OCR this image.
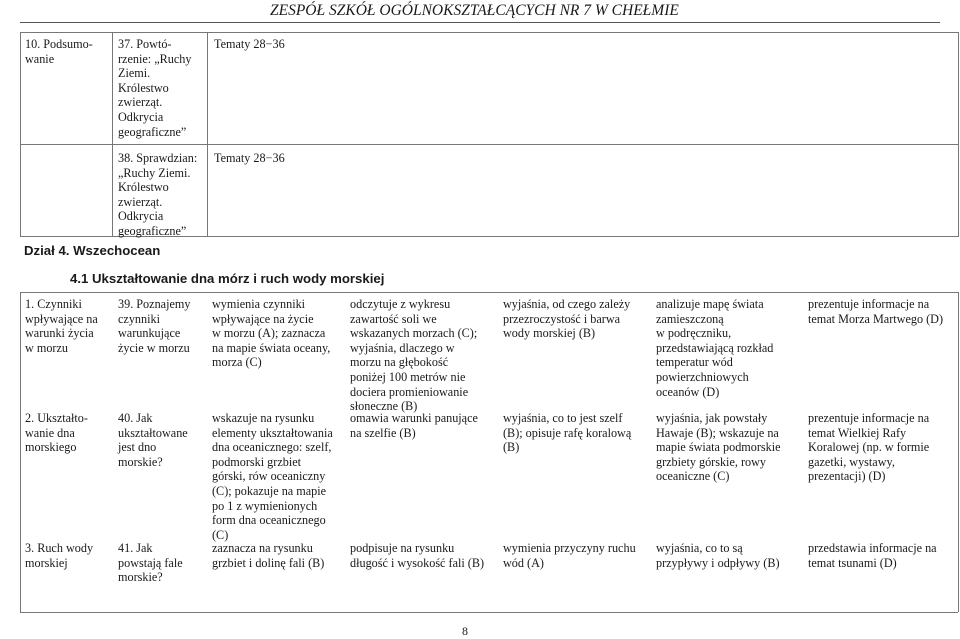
ZESPÓŁ SZKÓŁ OGÓLNOKSZTAŁCĄCYCH NR 7 W CHEŁMIE
10. Podsumo-
wanie
37. Powtó-
rzenie: „Ruchy
Ziemi.
Królestwo
zwierząt.
Odkrycia
geograficzne”
Tematy 28−36
38. Sprawdzian:
„Ruchy Ziemi.
Królestwo
zwierząt.
Odkrycia
geograficzne”
Tematy 28−36
Dział 4. Wszechocean
4.1 Ukształtowanie dna mórz i ruch wody morskiej
1. Czynniki
wpływające na
warunki życia
w morzu
39. Poznajemy
czynniki
warunkujące
życie w morzu
wymienia czynniki
wpływające na życie
w morzu (A); zaznacza
na mapie świata oceany,
morza (C)
odczytuje z wykresu
zawartość soli we
wskazanych morzach (C);
wyjaśnia, dlaczego w
morzu na głębokość
poniżej 100 metrów nie
dociera promieniowanie
słoneczne (B)
wyjaśnia, od czego zależy
przezroczystość i barwa
wody morskiej (B)
analizuje mapę świata
zamieszczoną
w podręczniku,
przedstawiającą rozkład
temperatur wód
powierzchniowych
oceanów (D)
prezentuje informacje na
temat Morza Martwego (D)
2. Ukształto-
wanie dna
morskiego
40. Jak
ukształtowane
jest dno
morskie?
wskazuje na rysunku
elementy ukształtowania
dna oceanicznego: szelf,
podmorski grzbiet
górski, rów oceaniczny
(C); pokazuje na mapie
po 1 z wymienionych
form dna oceanicznego
(C)
omawia warunki panujące
na szelfie (B)
wyjaśnia, co to jest szelf
(B); opisuje rafę koralową
(B)
wyjaśnia, jak powstały
Hawaje (B); wskazuje na
mapie świata podmorskie
grzbiety górskie, rowy
oceaniczne (C)
prezentuje informacje na
temat Wielkiej Rafy
Koralowej (np. w formie
gazetki, wystawy,
prezentacji) (D)
3. Ruch wody
morskiej
41. Jak
powstają fale
morskie?
zaznacza na rysunku
grzbiet i dolinę fali (B)
podpisuje na rysunku
długość i wysokość fali (B)
wymienia przyczyny ruchu
wód (A)
wyjaśnia, co to są
przypływy i odpływy (B)
przedstawia informacje na
temat tsunami (D)
8
